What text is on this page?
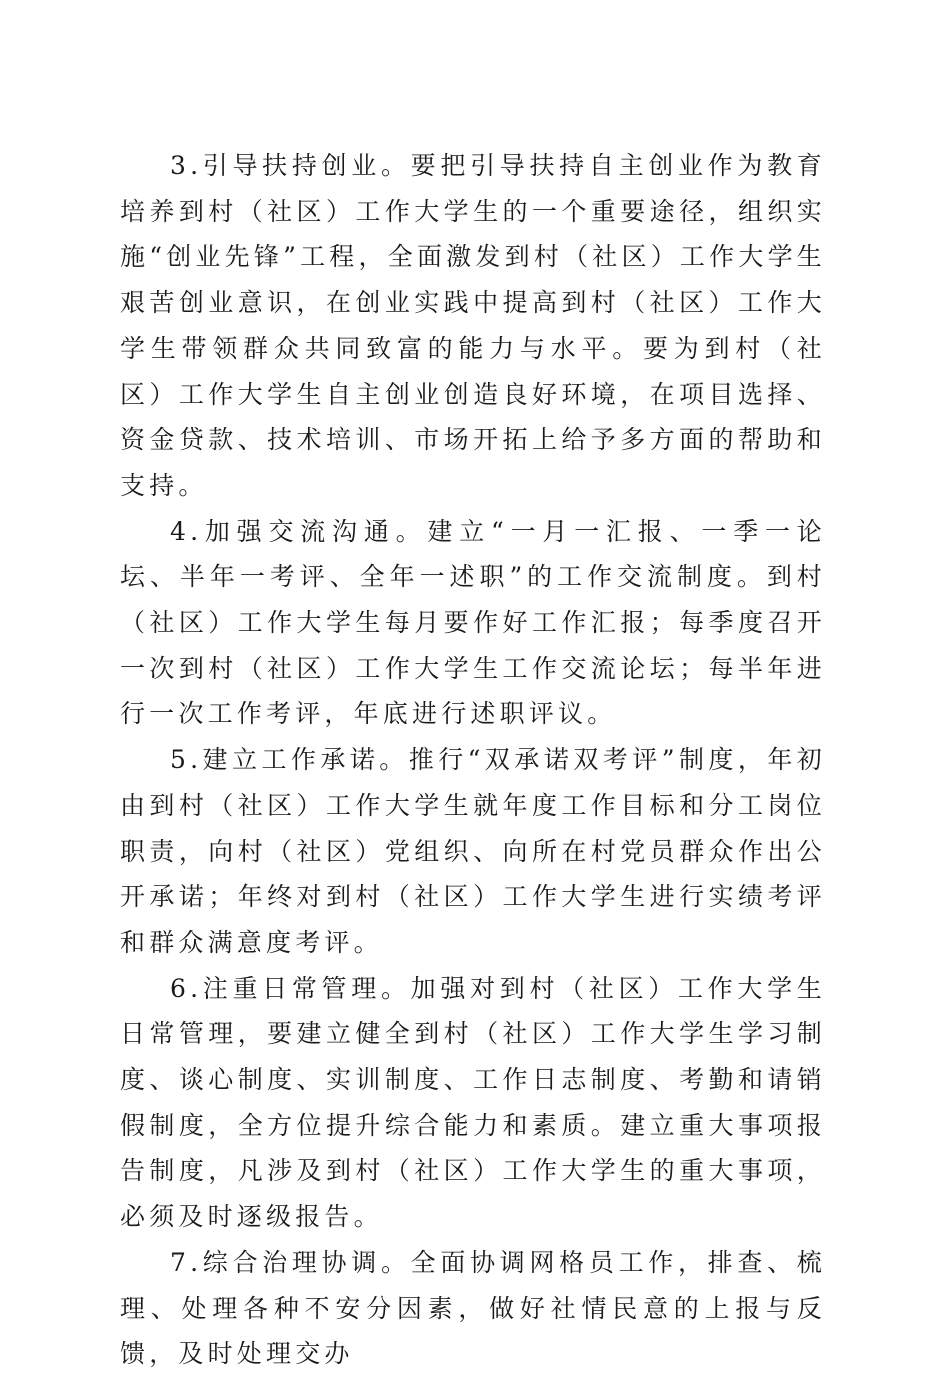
3.引导扶持创业。要把引导扶持自主创业作为教育培养到村（社区）工作大学生的一个重要途径，组织实施“创业先锋”工程，全面激发到村（社区）工作大学生艰苦创业意识，在创业实践中提高到村（社区）工作大学生带领群众共同致富的能力与水平。要为到村（社区）工作大学生自主创业创造良好环境，在项目选择、资金贷款、技术培训、市场开拓上给予多方面的帮助和支持。

4.加强交流沟通。建立“一月一汇报、一季一论坛、半年一考评、全年一述职”的工作交流制度。到村（社区）工作大学生每月要作好工作汇报；每季度召开一次到村（社区）工作大学生工作交流论坛；每半年进行一次工作考评，年底进行述职评议。

5.建立工作承诺。推行“双承诺双考评”制度，年初由到村（社区）工作大学生就年度工作目标和分工岗位职责，向村（社区）党组织、向所在村党员群众作出公开承诺；年终对到村（社区）工作大学生进行实绩考评和群众满意度考评。

6.注重日常管理。加强对到村（社区）工作大学生日常管理，要建立健全到村（社区）工作大学生学习制度、谈心制度、实训制度、工作日志制度、考勤和请销假制度，全方位提升综合能力和素质。建立重大事项报告制度，凡涉及到村（社区）工作大学生的重大事项，必须及时逐级报告。

7.综合治理协调。全面协调网格员工作，排查、梳理、处理各种不安分因素，做好社情民意的上报与反馈，及时处理交办
